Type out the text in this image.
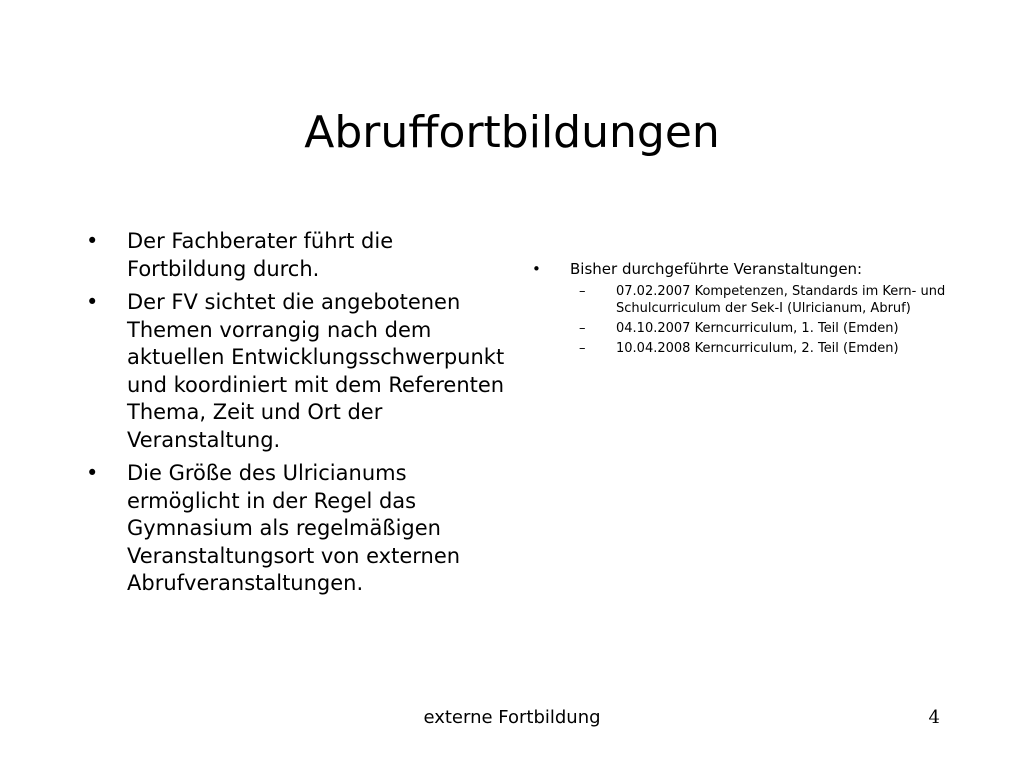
Abruffortbildungen
• Der Fachberater führt die Fortbildung durch.
• Der FV sichtet die angebotenen Themen vorrangig nach dem aktuellen Entwicklungsschwerpunkt und koordiniert mit dem Referenten Thema, Zeit und Ort der Veranstaltung.
• Die Größe des Ulricianums ermöglicht in der Regel das Gymnasium als regelmäßigen Veranstaltungsort von externen Abrufveranstaltungen.
• Bisher durchgeführte Veranstaltungen:
– 07.02.2007 Kompetenzen, Standards im Kern- und Schulcurriculum der Sek-I (Ulricianum, Abruf)
– 04.10.2007 Kerncurriculum, 1. Teil (Emden)
– 10.04.2008 Kerncurriculum, 2. Teil (Emden)
externe Fortbildung	4
